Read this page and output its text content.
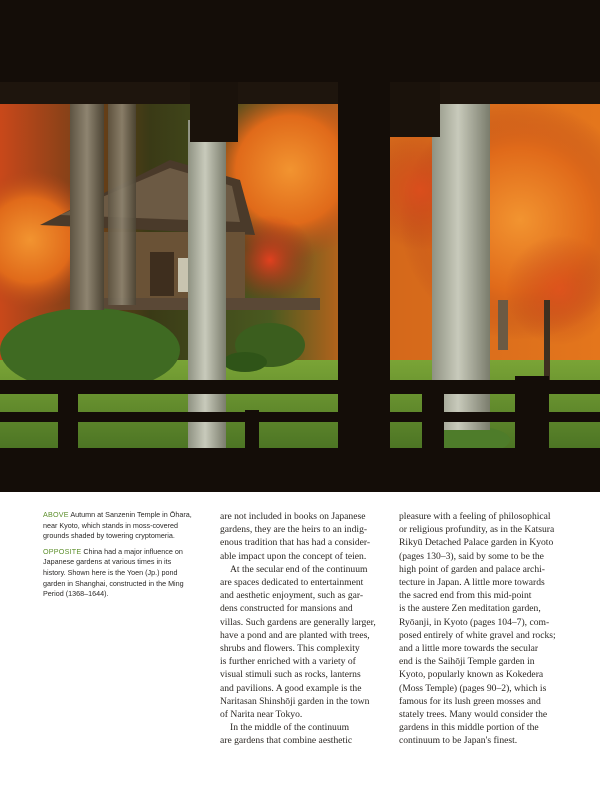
ABOVE Autumn at Sanzenin Temple in Ōhara, near Kyoto, which stands in moss-covered grounds shaded by towering cryptomeria.

OPPOSITE China had a major influence on Japanese gardens at various times in its history. Shown here is the Yoen (Jp.) pond garden in Shanghai, constructed in the Ming Period (1368–1644).

are not included in books on Japanese
gardens, they are the heirs to an indig-
enous tradition that has had a consider-
able impact upon the concept of teien.

At the secular end of the continuum
are spaces dedicated to entertainment
and aesthetic enjoyment, such as gar-
dens constructed for mansions and
villas. Such gardens are generally larger,
have a pond and are planted with trees,
shrubs and flowers. This complexity
is further enriched with a variety of
visual stimuli such as rocks, lanterns
and pavilions. A good example is the
Naritasan Shinshōji garden in the town
of Narita near Tokyo.

In the middle of the continuum
are gardens that combine aesthetic

pleasure with a feeling of philosophical
or religious profundity, as in the Katsura
Rikyū Detached Palace garden in Kyoto
(pages 130–3), said by some to be the
high point of garden and palace archi-
tecture in Japan. A little more towards
the sacred end from this mid-point
is the austere Zen meditation garden,
Ryōanji, in Kyoto (pages 104–7), com-
posed entirely of white gravel and rocks;
and a little more towards the secular
end is the Saihōji Temple garden in
Kyoto, popularly known as Kokedera
(Moss Temple) (pages 90–2), which is
famous for its lush green mosses and
stately trees. Many would consider the
gardens in this middle portion of the
continuum to be Japan's finest.
